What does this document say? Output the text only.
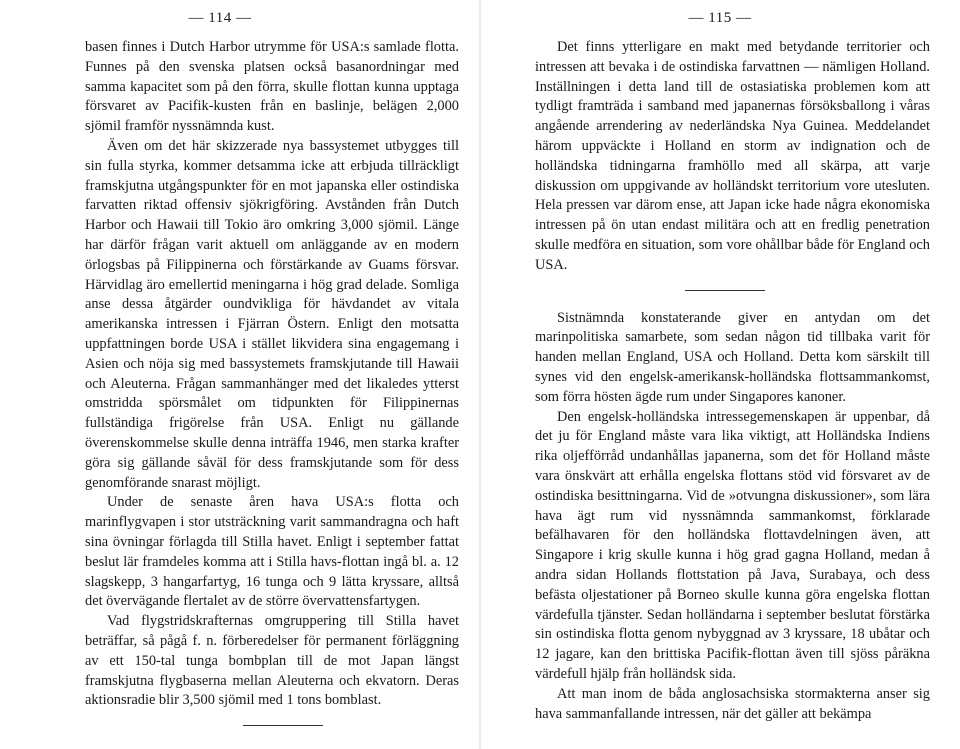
— 114 —

basen finnes i Dutch Harbor utrymme för USA:s samlade flotta. Funnes på den svenska platsen också basanordningar med samma kapacitet som på den förra, skulle flottan kunna upptaga försvaret av Pacifik-kusten från en baslinje, belägen 2,000 sjömil framför nyssnämnda kust.

Även om det här skizzerade nya bassystemet utbygges till sin fulla styrka, kommer detsamma icke att erbjuda tillräckligt framskjutna utgångspunkter för en mot japanska eller ostindiska farvatten riktad offensiv sjökrigföring. Avstånden från Dutch Harbor och Hawaii till Tokio äro omkring 3,000 sjömil. Länge har därför frågan varit aktuell om anläggande av en modern örlogsbas på Filippinerna och förstärkande av Guams försvar. Härvidlag äro emellertid meningarna i hög grad delade. Somliga anse dessa åtgärder oundvikliga för hävdandet av vitala amerikanska intressen i Fjärran Östern. Enligt den motsatta uppfattningen borde USA i stället likvidera sina engagemang i Asien och nöja sig med bassystemets framskjutande till Hawaii och Aleuterna. Frågan sammanhänger med det likaledes ytterst omstridda spörsmålet om tidpunkten för Filippinernas fullständiga frigörelse från USA. Enligt nu gällande överenskommelse skulle denna inträffa 1946, men starka krafter göra sig gällande såväl för dess framskjutande som för dess genomförande snarast möjligt.

Under de senaste åren hava USA:s flotta och marinflygvapen i stor utsträckning varit sammandragna och haft sina övningar förlagda till Stilla havet. Enligt i september fattat beslut lär framdeles komma att i Stilla havs-flottan ingå bl. a. 12 slagskepp, 3 hangarfartyg, 16 tunga och 9 lätta kryssare, alltså det övervägande flertalet av de större övervattensfartygen.

Vad flygstridskrafternas omgruppering till Stilla havet beträffar, så pågå f. n. förberedelser för permanent förläggning av ett 150-tal tunga bombplan till de mot Japan längst framskjutna flygbaserna mellan Aleuterna och ekvatorn. Deras aktionsradie blir 3,500 sjömil med 1 tons bomblast.

— 115 —

Det finns ytterligare en makt med betydande territorier och intressen att bevaka i de ostindiska farvattnen — nämligen Holland. Inställningen i detta land till de ostasiatiska problemen kom att tydligt framträda i samband med japanernas försöksballong i våras angående arrendering av nederländska Nya Guinea. Meddelandet härom uppväckte i Holland en storm av indignation och de holländska tidningarna framhöllo med all skärpa, att varje diskussion om uppgivande av holländskt territorium vore utesluten. Hela pressen var därom ense, att Japan icke hade några ekonomiska intressen på ön utan endast militära och att en fredlig penetration skulle medföra en situation, som vore ohållbar både för England och USA.

Sistnämnda konstaterande giver en antydan om det marinpolitiska samarbete, som sedan någon tid tillbaka varit för handen mellan England, USA och Holland. Detta kom särskilt till synes vid den engelsk-amerikansk-holländska flottsammankomst, som förra hösten ägde rum under Singapores kanoner.

Den engelsk-holländska intressegemenskapen är uppenbar, då det ju för England måste vara lika viktigt, att Holländska Indiens rika oljefförråd undanhållas japanerna, som det för Holland måste vara önskvärt att erhålla engelska flottans stöd vid försvaret av de ostindiska besittningarna. Vid de »otvungna diskussioner», som lära hava ägt rum vid nyssnämnda sammankomst, förklarade befälhavaren för den holländska flottavdelningen även, att Singapore i krig skulle kunna i hög grad gagna Holland, medan å andra sidan Hollands flottstation på Java, Surabaya, och dess befästa oljestationer på Borneo skulle kunna göra engelska flottan värdefulla tjänster. Sedan holländarna i september beslutat förstärka sin ostindiska flotta genom nybyggnad av 3 kryssare, 18 ubåtar och 12 jagare, kan den brittiska Pacifik-flottan även till sjöss påräkna värdefull hjälp från holländsk sida.

Att man inom de båda anglosachsiska stormakterna anser sig hava sammanfallande intressen, när det gäller att bekämpa
